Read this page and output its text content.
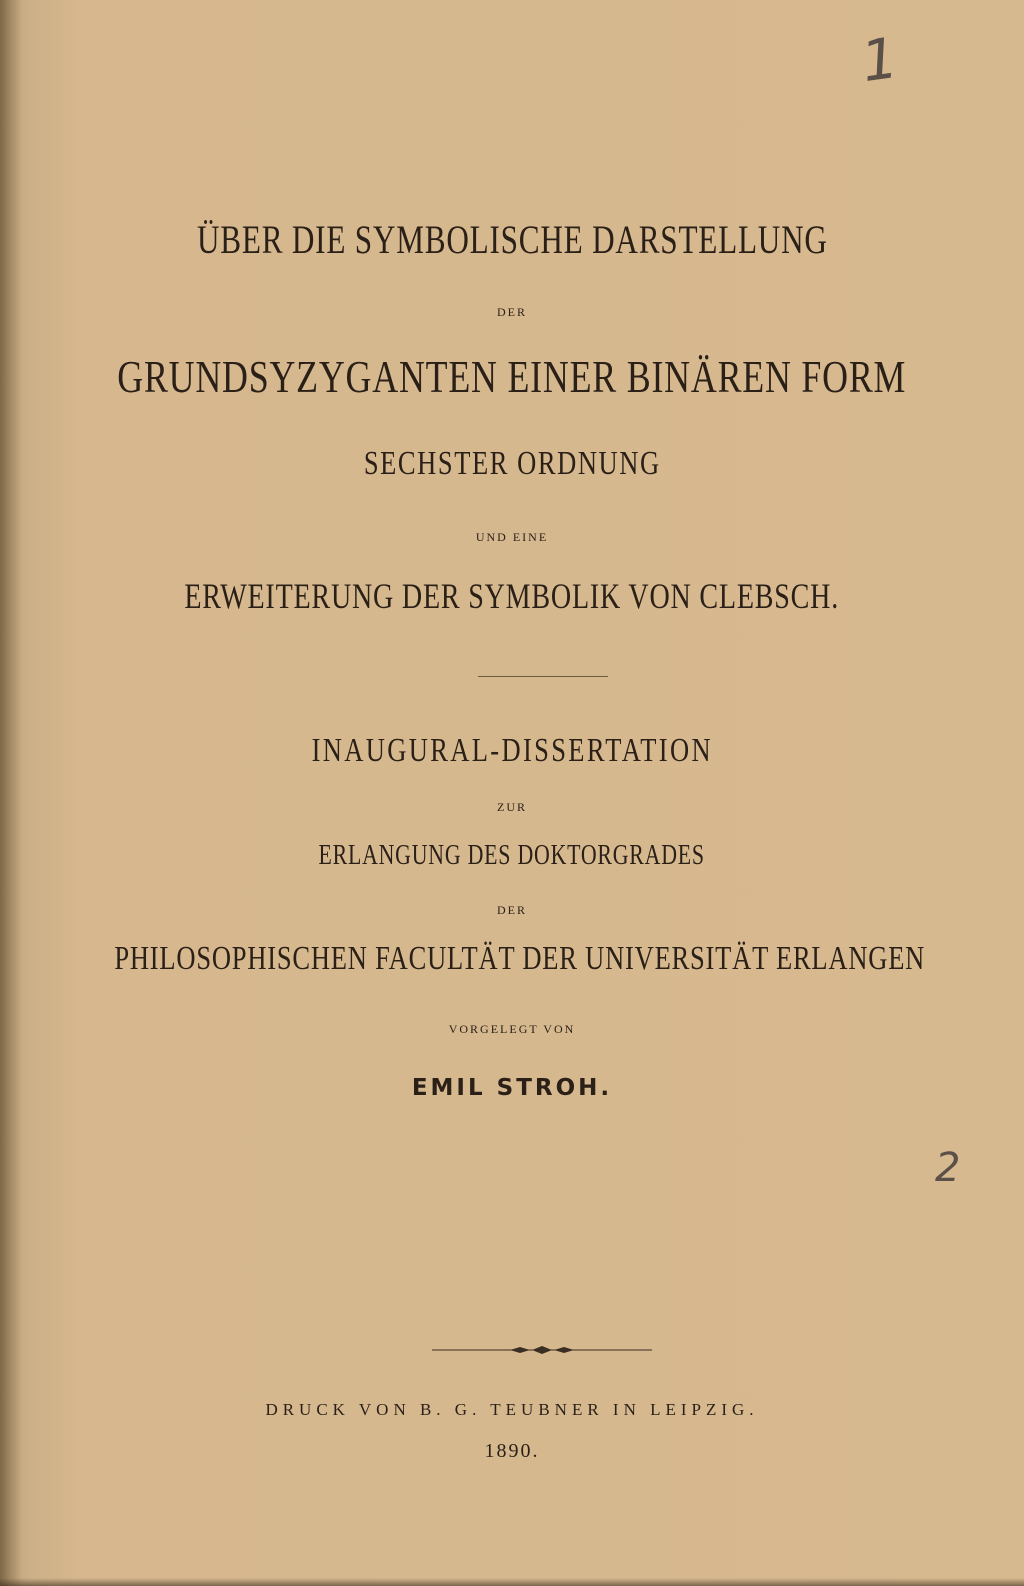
1
ÜBER DIE SYMBOLISCHE DARSTELLUNG
DER
GRUNDSYZYGANTEN EINER BINÄREN FORM
SECHSTER ORDNUNG
UND EINE
ERWEITERUNG DER SYMBOLIK VON CLEBSCH.
INAUGURAL-DISSERTATION
ZUR
ERLANGUNG DES DOKTORGRADES
DER
PHILOSOPHISCHEN FACULTÄT DER UNIVERSITÄT ERLANGEN
VORGELEGT VON
EMIL STROH.
2
DRUCK VON B. G. TEUBNER IN LEIPZIG.
1890.
